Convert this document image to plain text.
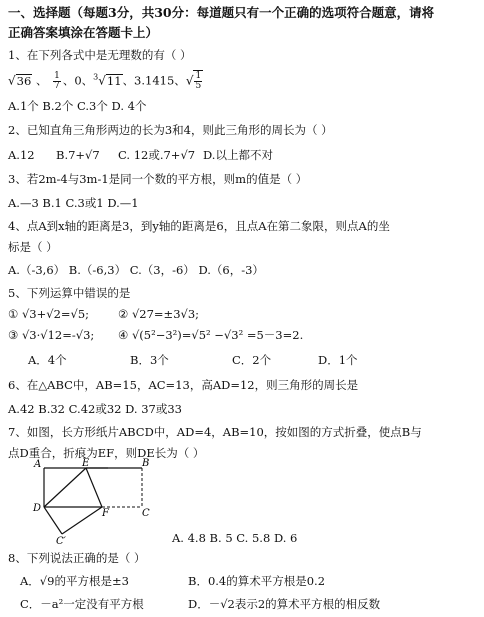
一、选择题（每题3分，共30分：每道题只有一个正确的选项符合题意，请将
正确答案填涂在答题卡上）
1、在下列各式中是无理数的有（ ）
√36 、 $\frac{1}{7}$ 、0、$^3$√11、3.1415、√ $\frac{1}{5}$
A.1个 B.2个 C.3个 D. 4个
2、已知直角三角形两边的长为3和4，则此三角形的周长为（ ）
A.12 B.7+√7 C. 12或.7+√7 D.以上都不对
3、若2m-4与3m-1是同一个数的平方根，则m的值是（ ）
A.—3 B.1 C.3或1 D.—1
4、点A到x轴的距离是3，到y轴的距离是6，且点A在第二象限，则点A的坐
标是（ ）
A.（-3,6） B.（-6,3） C.（3，-6） D.（6，-3）
5、下列运算中错误的是
① √3+√2=√5;	② √27=±3√3;
③ √3·√12=-√3; ④ √(5²−3²)=√5² −√3² =5－3=2.
A．4个	B．3个	C．2个	D．1个
6、在△ABC中，AB=15，AC=13，高AD=12，则三角形的周长是
A.42 B.32 C.42或32 D. 37或33
7、如图，长方形纸片ABCD中，AD=4，AB=10，按如图的方式折叠，使点B与
点D重合，折痕为EF，则DE长为（ ）
A	E	B
D	F	C
C′	A. 4.8 B. 5 C. 5.8 D. 6
8、下列说法正确的是（ ）
A．√9的平方根是±3	B．0.4的算术平方根是0.2
C．－a²一定没有平方根	D．－√2表示2的算术平方根的相反数
